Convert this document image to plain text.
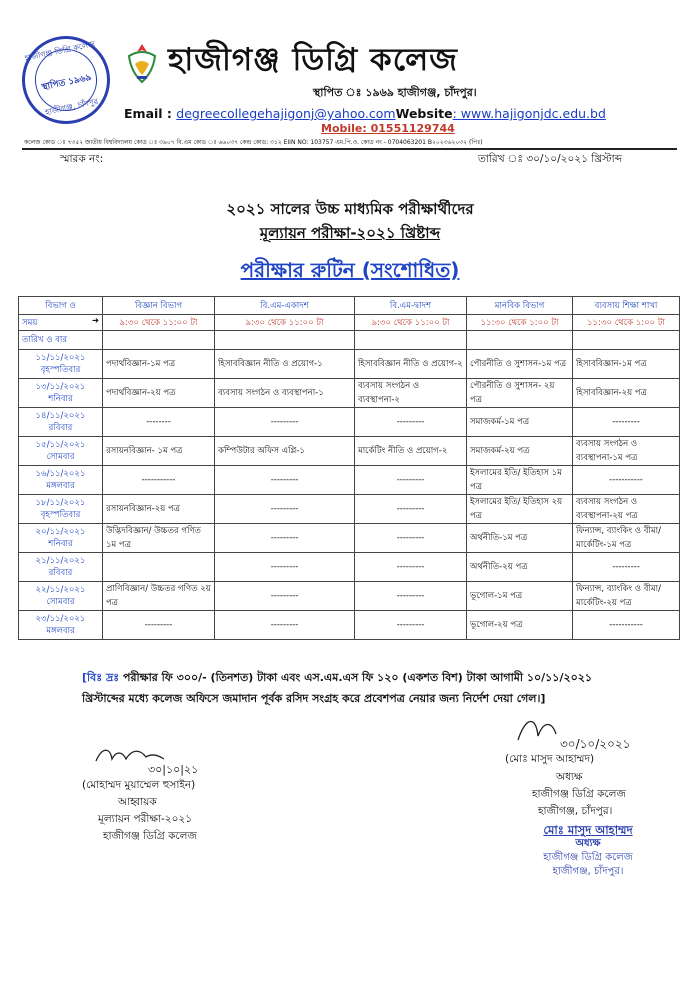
হাজীগঞ্জ ডিগ্রি কলেজ
স্থাপিত ১৯৬৯
হাজীগঞ্জ, চাঁদপুর

হাজীগঞ্জ ডিগ্রি কলেজ
স্থাপিত ঃ ১৯৬৯ হাজীগঞ্জ, চাঁদপুর।
Email : degreecollegehajigonj@yahoo.comWebsite: www.hajigonjdc.edu.bd
Mobile: 01551129744
কলেজ কোড ঃ ৭৩৫২ জাতীয় বিশ্ববিদ্যালয় কোড ঃ ৩৯০৭ বি.এম কোড ঃ ৬৬০৩৭ কেন্দ্র কোড: ৩১২ EIIN NO: 103757 এম.পি.ও. কোড নং - 0704063201 B২০২৩৬২০৩২ (পিঃ)
স্মারক নং:	তারিখ ঃ ৩০/১০/২০২১ খ্রিস্টাব্দ
২০২১ সালের উচ্চ মাধ্যমিক পরীক্ষার্থীদের
মূল্যায়ন পরীক্ষা-২০২১ খ্রিষ্টাব্দ
পরীক্ষার রুটিন (সংশোধিত)
বিভাগ ও	বিজ্ঞান বিভাগ	বি.এম-একাদশ	বি.এম-দ্বাদশ	মানবিক বিভাগ	ব্যবসায় শিক্ষা শাখা
সময় ➜	৯:৩০ থেকে ১১:০০ টা	৯:৩০ থেকে ১১:০০ টা	৯:৩০ থেকে ১১:০০ টা	১১:৩০ থেকে ১:০০ টা	১১:৩০ থেকে ১:০০ টা
তারিখ ও বার					

১১/১১/২০২১
বৃহস্পতিবার	পদার্থবিজ্ঞান-১ম পত্র	হিসাববিজ্ঞান নীতি ও প্রয়োগ-১	হিসাববিজ্ঞান নীতি ও প্রয়োগ-২	পৌরনীতি ও সুশাসন-১ম পত্র	হিসাববিজ্ঞান-১ম পত্র

১৩/১১/২০২১
শনিবার	পদার্থবিজ্ঞান-২য় পত্র	ব্যবসায় সংগঠন ও ব্যবস্থাপনা-১	ব্যবসায় সংগঠন ও ব্যবস্থাপনা-২	পৌরনীতি ও সুশাসন- ২য় পত্র	হিসাববিজ্ঞান-২য় পত্র

১৪/১১/২০২১
রবিবার	--------	---------	---------	সমাজকর্ম-১ম পত্র	---------

১৫/১১/২০২১
সোমবার	রসায়নবিজ্ঞান- ১ম পত্র	কম্পিউটার অফিস এপ্লি-১	মার্কেটিং নীতি ও প্রয়োগ-২	সমাজকর্ম-২য় পত্র	ব্যবসায় সংগঠন ও ব্যবস্থাপনা-১ম পত্র

১৬/১১/২০২১
মঙ্গলবার	-----------	---------	---------	ইসলামের ইতি/ ইতিহাস ১ম পত্র	-----------

১৮/১১/২০২১
বৃহস্পতিবার	রসায়নবিজ্ঞান-২য় পত্র	---------	---------	ইসলামের ইতি/ ইতিহাস ২য় পত্র	ব্যবসায় সংগঠন ও ব্যবস্থাপনা-২য় পত্র

২০/১১/২০২১
শনিবার	উদ্ভিদবিজ্ঞান/ উচ্চতর গণিত ১ম পত্র	---------	---------	অর্থনীতি-১ম পত্র	ফিন্যান্স, ব্যাংকিং ও বীমা/ মার্কেটিং-১ম পত্র

২১/১১/২০২১
রবিবার		---------	---------	অর্থনীতি-২য় পত্র	---------

২২/১১/২০২১
সোমবার	প্রাণিবিজ্ঞান/ উচ্চতর গণিত ২য় পত্র	---------	---------	ভূগোল-১ম পত্র	ফিন্যান্স, ব্যাংকিং ও বীমা/ মার্কেটিং-২য় পত্র

২৩/১১/২০২১
মঙ্গলবার	---------	---------	---------	ভূগোল-২য় পত্র	-----------
[বিঃ দ্রঃ পরীক্ষার ফি ৩০০/- (তিনশত) টাকা এবং এস.এম.এস ফি ১২০ (একশত বিশ) টাকা আগামী ১০/১১/২০২১
খ্রিস্টাব্দের মধ্যে কলেজ অফিসে জমাদান পূর্বক রসিদ সংগ্রহ করে প্রবেশপত্র নেয়ার জন্য নির্দেশ দেয়া গেল।]
৩০|১০|২১
(মোহাম্মদ মুয়াম্মেল হুসাইন)
আহ্বায়ক
মূল্যায়ন পরীক্ষা-২০২১
হাজীগঞ্জ ডিগ্রি কলেজ
৩০/১০/২০২১
(মোঃ মাসুদ আহাম্মদ)
অধ্যক্ষ
হাজীগঞ্জ ডিগ্রি কলেজ
হাজীগঞ্জ, চাঁদপুর।
মোঃ মাসুদ আহাম্মদ
অধ্যক্ষ
হাজীগঞ্জ ডিগ্রি কলেজ
হাজীগঞ্জ, চাঁদপুর।
